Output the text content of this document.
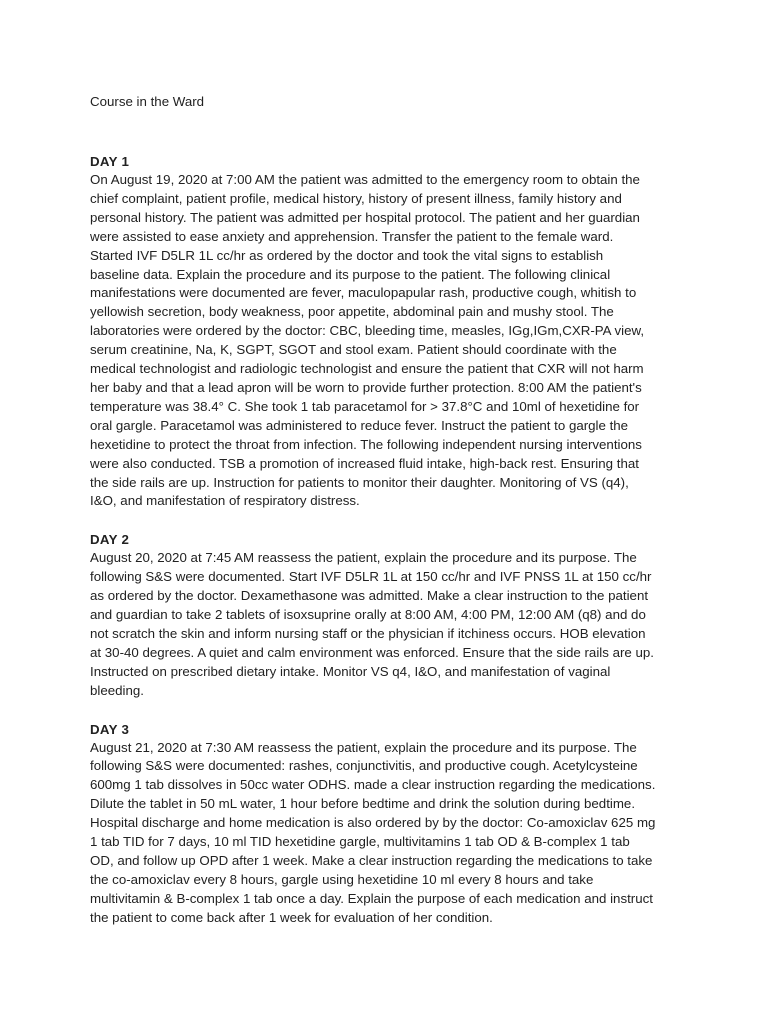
Course in the Ward

DAY 1

On August 19, 2020 at 7:00 AM the patient was admitted to the emergency room to obtain the
chief complaint, patient profile, medical history, history of present illness, family history and
personal history. The patient was admitted per hospital protocol. The patient and her guardian
were assisted to ease anxiety and apprehension. Transfer the patient to the female ward.
Started IVF D5LR 1L cc/hr as ordered by the doctor and took the vital signs to establish
baseline data. Explain the procedure and its purpose to the patient. The following clinical
manifestations were documented are fever, maculopapular rash, productive cough, whitish to
yellowish secretion, body weakness, poor appetite, abdominal pain and mushy stool. The
laboratories were ordered by the doctor: CBC, bleeding time, measles, IGg,IGm,CXR-PA view,
serum creatinine, Na, K, SGPT, SGOT and stool exam. Patient should coordinate with the
medical technologist and radiologic technologist and ensure the patient that CXR will not harm
her baby and that a lead apron will be worn to provide further protection. 8:00 AM the patient's
temperature was 38.4° C. She took 1 tab paracetamol for > 37.8°C and 10ml of hexetidine for
oral gargle. Paracetamol was administered to reduce fever. Instruct the patient to gargle the
hexetidine to protect the throat from infection. The following independent nursing interventions
were also conducted. TSB a promotion of increased fluid intake, high-back rest. Ensuring that
the side rails are up. Instruction for patients to monitor their daughter. Monitoring of VS (q4),
I&O, and manifestation of respiratory distress.

DAY 2

August 20, 2020 at 7:45 AM reassess the patient, explain the procedure and its purpose. The
following S&S were documented. Start IVF D5LR 1L at 150 cc/hr and IVF PNSS 1L at 150 cc/hr
as ordered by the doctor. Dexamethasone was admitted. Make a clear instruction to the patient
and guardian to take 2 tablets of isoxsuprine orally at 8:00 AM, 4:00 PM, 12:00 AM (q8) and do
not scratch the skin and inform nursing staff or the physician if itchiness occurs. HOB elevation
at 30-40 degrees. A quiet and calm environment was enforced. Ensure that the side rails are up.
Instructed on prescribed dietary intake. Monitor VS q4, I&O, and manifestation of vaginal
bleeding.

DAY 3

August 21, 2020 at 7:30 AM reassess the patient, explain the procedure and its purpose. The
following S&S were documented: rashes, conjunctivitis, and productive cough. Acetylcysteine
600mg 1 tab dissolves in 50cc water ODHS. made a clear instruction regarding the medications.
Dilute the tablet in 50 mL water, 1 hour before bedtime and drink the solution during bedtime.
Hospital discharge and home medication is also ordered by by the doctor: Co-amoxiclav 625 mg
1 tab TID for 7 days, 10 ml TID hexetidine gargle, multivitamins 1 tab OD & B-complex 1 tab
OD, and follow up OPD after 1 week. Make a clear instruction regarding the medications to take
the co-amoxiclav every 8 hours, gargle using hexetidine 10 ml every 8 hours and take
multivitamin & B-complex 1 tab once a day. Explain the purpose of each medication and instruct
the patient to come back after 1 week for evaluation of her condition.
